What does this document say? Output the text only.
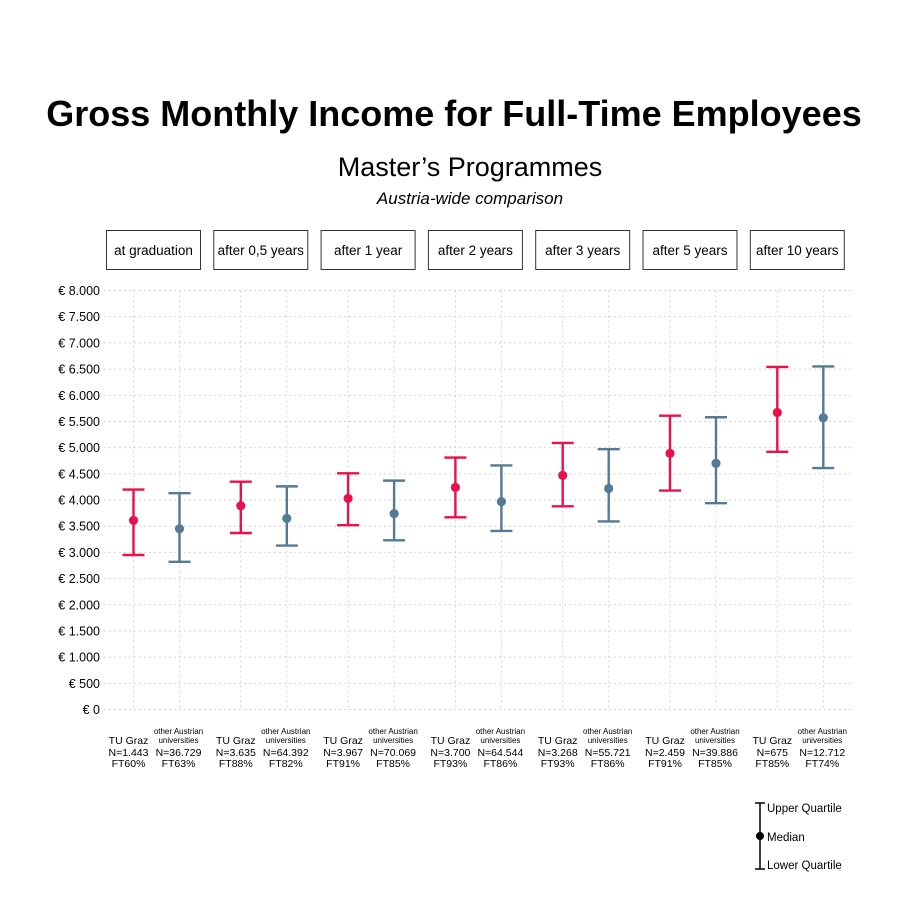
Gross Monthly Income for Full-Time Employees
Master’s Programmes
Austria-wide comparison
€ 0
€ 500
€ 1.000
€ 1.500
€ 2.000
€ 2.500
€ 3.000
€ 3.500
€ 4.000
€ 4.500
€ 5.000
€ 5.500
€ 6.000
€ 6.500
€ 7.000
€ 7.500
€ 8.000
at graduation after 0,5 years after 1 year	after 2 years after 3 years after 5 years after 10 years
TU Graz
N=1.443
FT60%
other Austrian
universities
N=36.729
FT63%
TU Graz
N=3.635
FT88%
other Austrian
universities
N=64.392
FT82%
TU Graz
N=3.967
FT91%
other Austrian
universities
N=70.069
FT85%
TU Graz
N=3.700
FT93%
other Austrian
universities
N=64.544
FT86%
TU Graz
N=3.268
FT93%
other Austrian
universities
N=55.721
FT86%
TU Graz
N=2.459
FT91%
other Austrian
universities
N=39.886
FT85%
TU Graz
N=675
FT85%
other Austrian
universities
N=12.712
FT74%
Upper Quartile
Median
Lower Quartile
